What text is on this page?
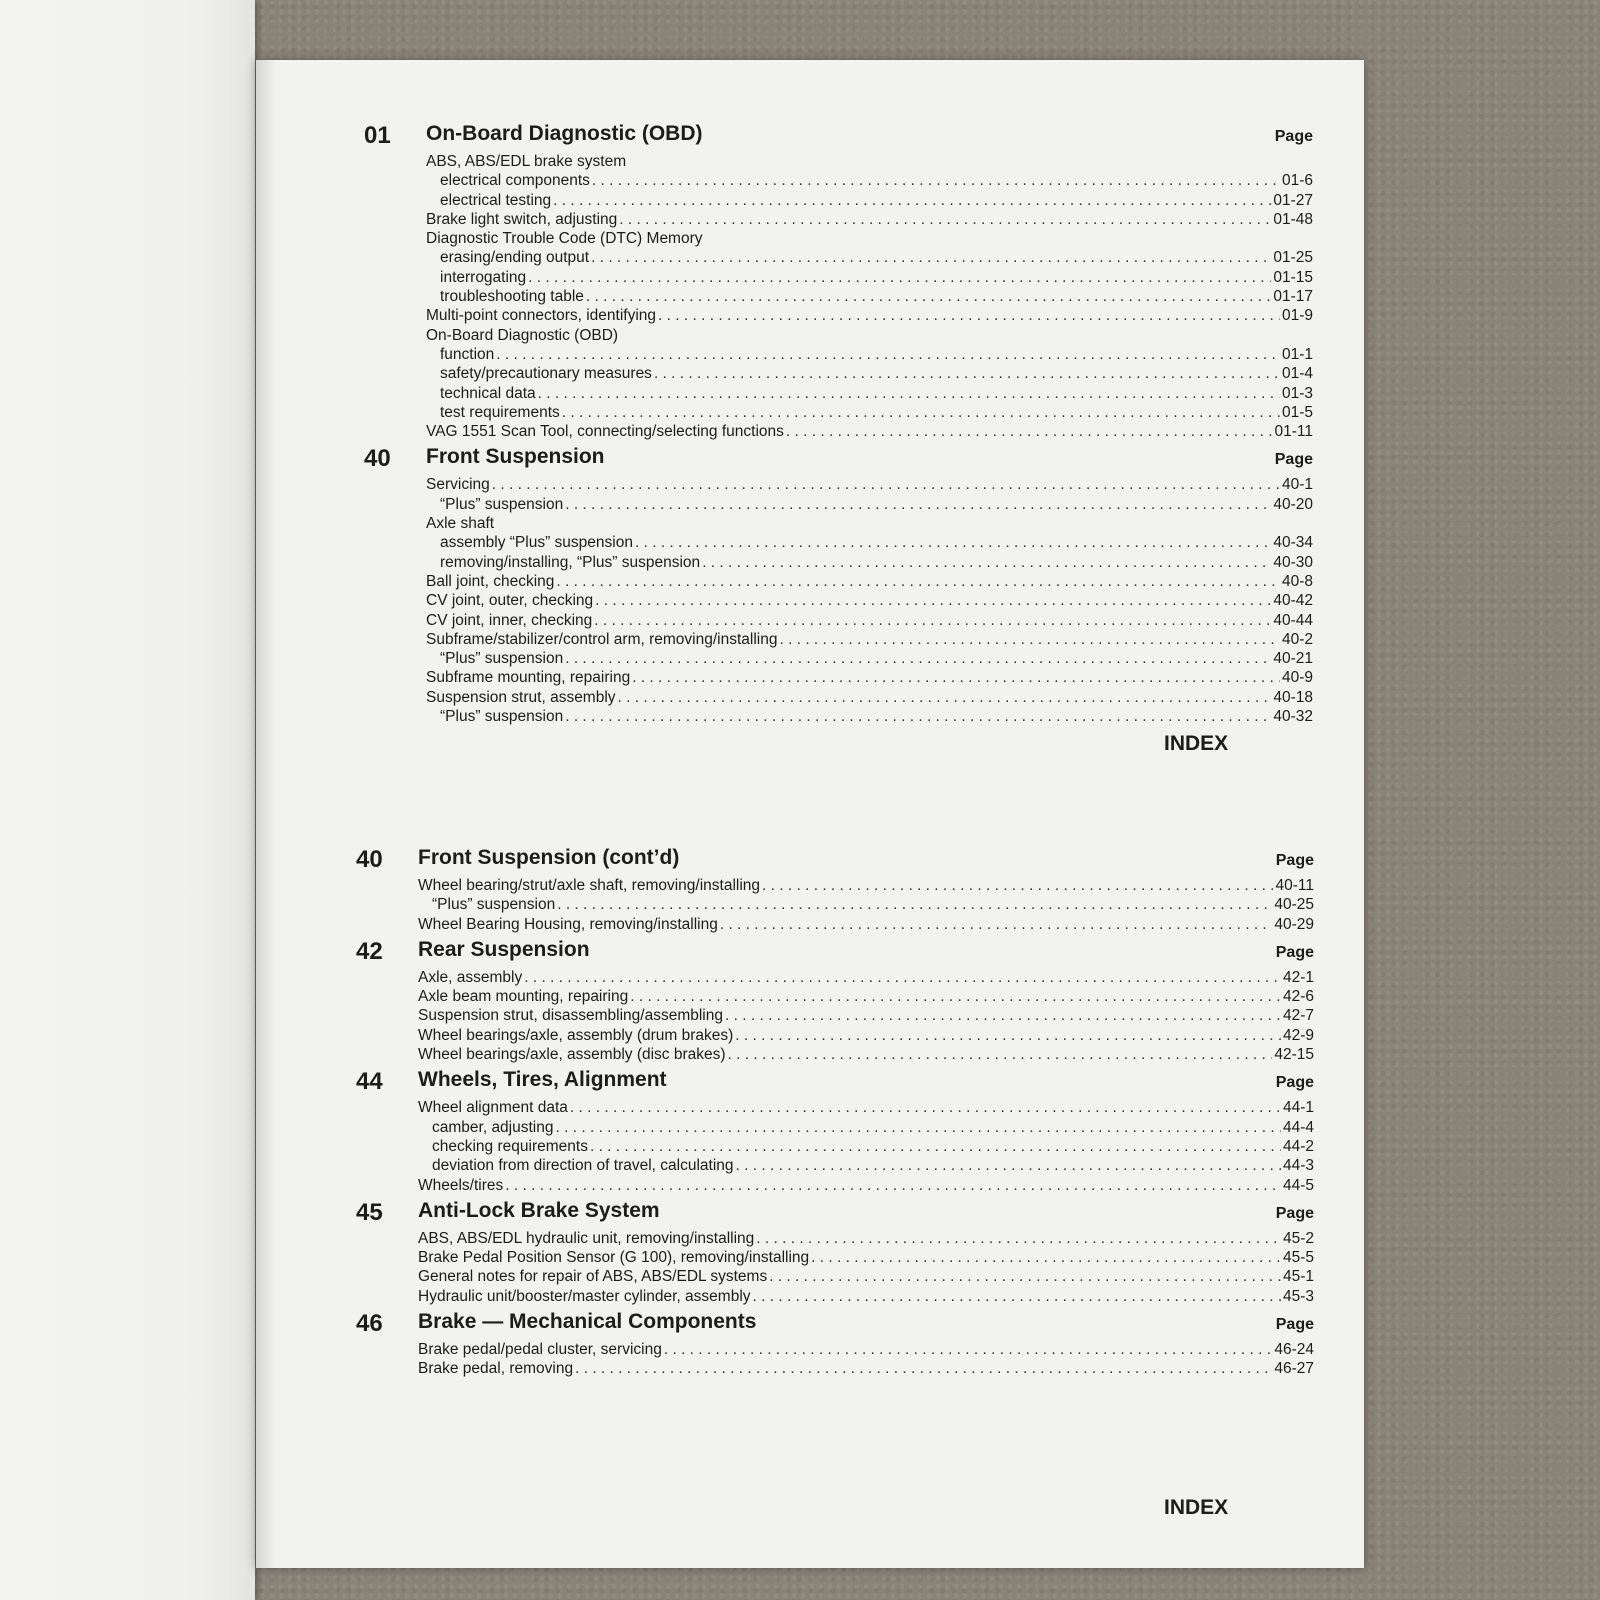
01 On-Board Diagnostic (OBD)	Page
ABS, ABS/EDL brake system
electrical components . . .	01-6
electrical testing . . .	01-27
Brake light switch, adjusting . . .	01-48
Diagnostic Trouble Code (DTC) Memory
erasing/ending output . . .	01-25
interrogating . . .	01-15
troubleshooting table . . .	01-17
Multi-point connectors, identifying . . .	01-9
On-Board Diagnostic (OBD)
function . . .	01-1
safety/precautionary measures . . .	01-4
technical data . . .	01-3
test requirements . . .	01-5
VAG 1551 Scan Tool, connecting/selecting functions . . .	01-11
40 Front Suspension	Page
Servicing . . .	40-1
“Plus” suspension . . .	40-20
Axle shaft
assembly “Plus” suspension . . .	40-34
removing/installing, “Plus” suspension . . .	40-30
Ball joint, checking . . .	40-8
CV joint, outer, checking . . .	40-42
CV joint, inner, checking . . .	40-44
Subframe/stabilizer/control arm, removing/installing . . .	40-2
“Plus” suspension . . .	40-21
Subframe mounting, repairing . . .	40-9
Suspension strut, assembly . . .	40-18
“Plus” suspension . . .	40-32
INDEX
40 Front Suspension (cont’d)	Page
Wheel bearing/strut/axle shaft, removing/installing . . .	40-11
“Plus” suspension . . .	40-25
Wheel Bearing Housing, removing/installing . . .	40-29
42 Rear Suspension	Page
Axle, assembly . . .	42-1
Axle beam mounting, repairing . . .	42-6
Suspension strut, disassembling/assembling . . .	42-7
Wheel bearings/axle, assembly (drum brakes) . . .	42-9
Wheel bearings/axle, assembly (disc brakes) . . .	42-15
44 Wheels, Tires, Alignment	Page
Wheel alignment data . . .	44-1
camber, adjusting . . .	44-4
checking requirements . . .	44-2
deviation from direction of travel, calculating . . .	44-3
Wheels/tires . . .	44-5
45 Anti-Lock Brake System	Page
ABS, ABS/EDL hydraulic unit, removing/installing . . .	45-2
Brake Pedal Position Sensor (G 100), removing/installing . . .	45-5
General notes for repair of ABS, ABS/EDL systems . . .	45-1
Hydraulic unit/booster/master cylinder, assembly . . .	45-3
46 Brake — Mechanical Components	Page
Brake pedal/pedal cluster, servicing . . .	46-24
Brake pedal, removing . . .	46-27
INDEX
